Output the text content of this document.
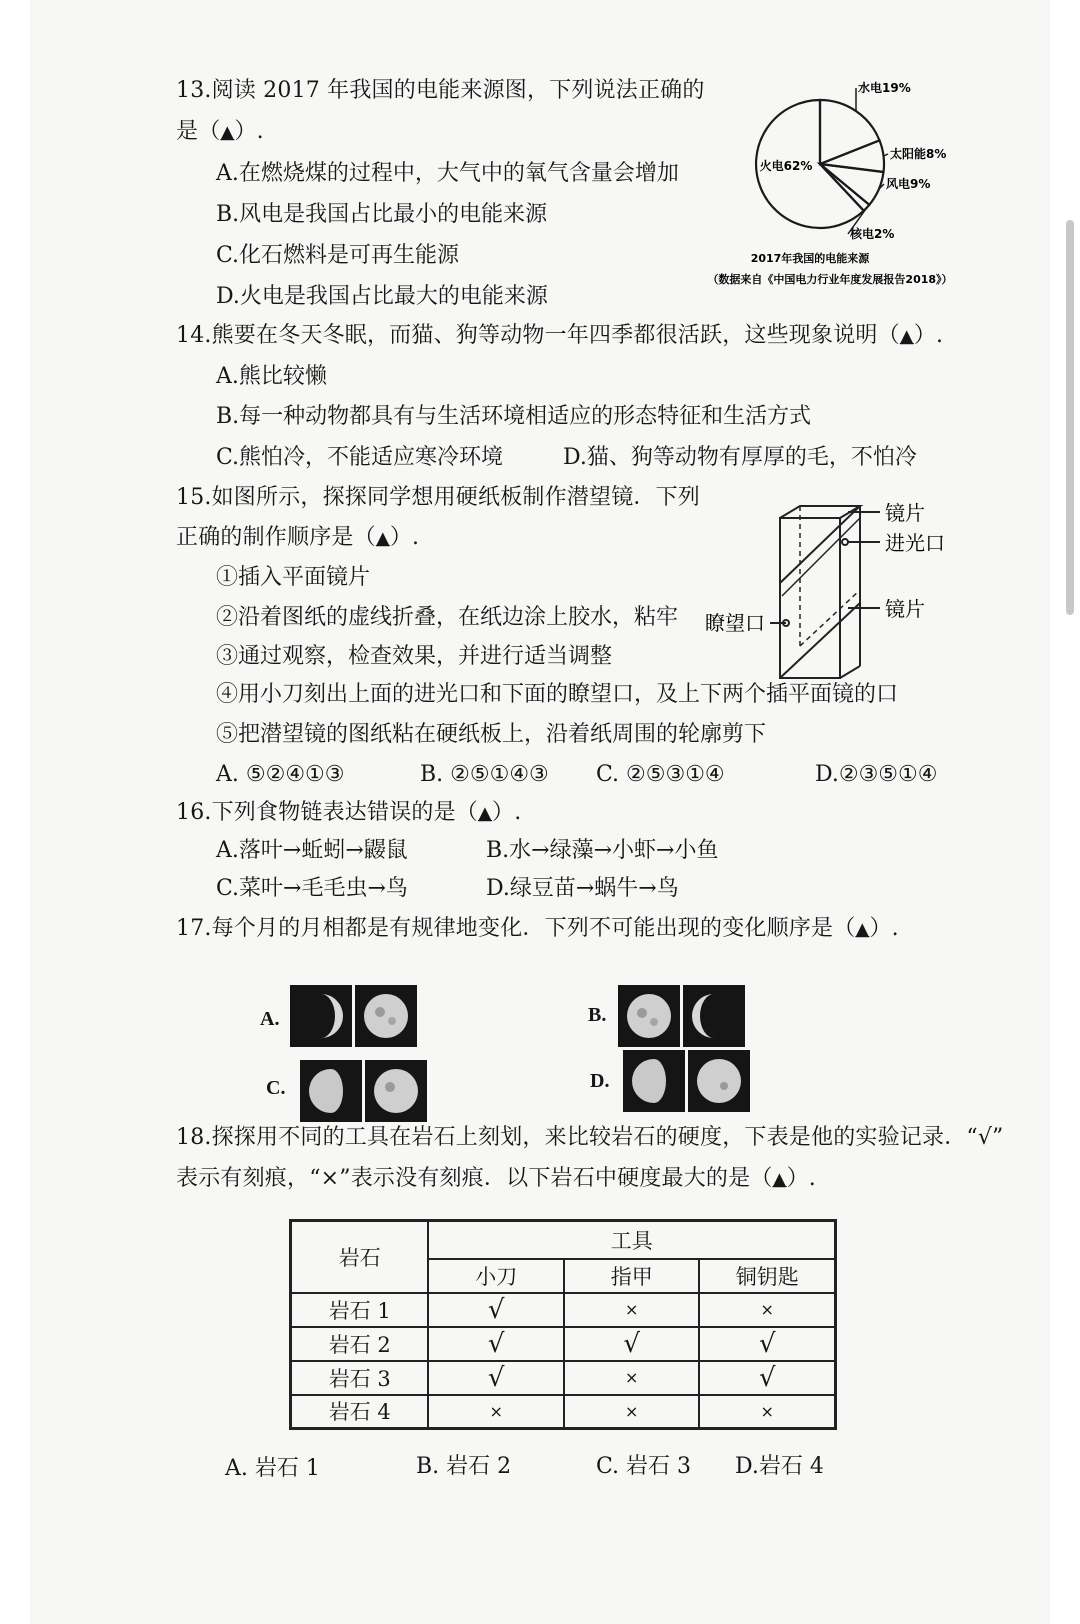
13.阅读 2017 年我国的电能来源图，下列说法正确的
是（▲）.
A.在燃烧煤的过程中，大气中的氧气含量会增加
B.风电是我国占比最小的电能来源
C.化石燃料是可再生能源
D.火电是我国占比最大的电能来源
火电62%
水电19%
太阳能8%
风电9%
核电2%
2017年我国的电能来源
（数据来自《中国电力行业年度发展报告2018》）
14.熊要在冬天冬眠，而猫、狗等动物一年四季都很活跃，这些现象说明（▲）.
A.熊比较懒
B.每一种动物都具有与生活环境相适应的形态特征和生活方式
C.熊怕冷，不能适应寒冷环境	D.猫、狗等动物有厚厚的毛，不怕冷
15.如图所示，探探同学想用硬纸板制作潜望镜．下列
正确的制作顺序是（▲）.
①插入平面镜片
②沿着图纸的虚线折叠，在纸边涂上胶水，粘牢
③通过观察，检查效果，并进行适当调整
④用小刀刻出上面的进光口和下面的瞭望口，及上下两个插平面镜的口
⑤把潜望镜的图纸粘在硬纸板上，沿着纸周围的轮廓剪下
A. ⑤②④①③	B. ②⑤①④③ C. ②⑤③①④	D.②③⑤①④
镜片
进光口
瞭望口
镜片
16.下列食物链表达错误的是（▲）.
A.落叶→蚯蚓→鼹鼠	B.水→绿藻→小虾→小鱼
C.菜叶→毛毛虫→鸟	D.绿豆苗→蜗牛→鸟
17.每个月的月相都是有规律地变化．下列不可能出现的变化顺序是（▲）.
A.	B.
C.	D.
18.探探用不同的工具在岩石上刻划，来比较岩石的硬度，下表是他的实验记录．“√”
表示有刻痕，“×”表示没有刻痕．以下岩石中硬度最大的是（▲）.
岩石	工具		
	小刀	指甲	铜钥匙
岩石 1	√	×	×
岩石 2	√	√	√
岩石 3	√	×	√
岩石 4	×	×	×
A. 岩石 1	B. 岩石 2	C. 岩石 3 D.岩石 4
